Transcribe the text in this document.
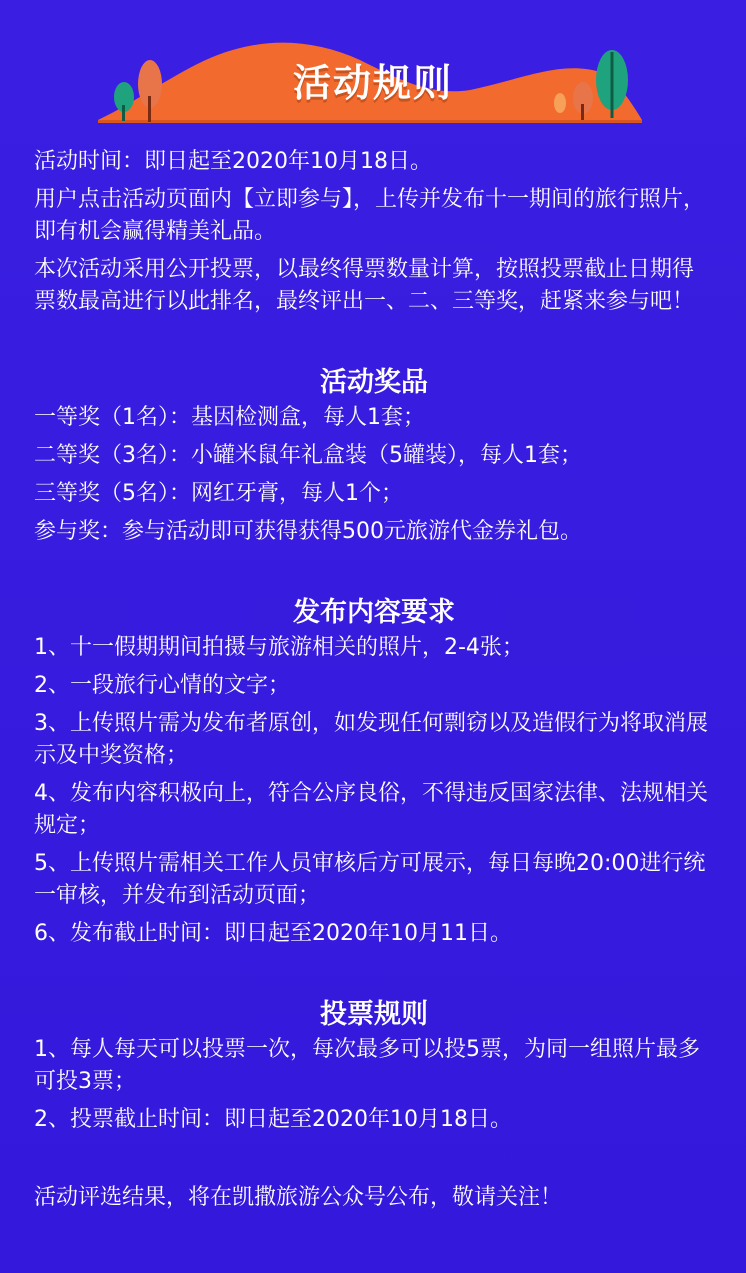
活动规则

活动时间：即日起至2020年10月18日。

用户点击活动页面内【立即参与】，上传并发布十一期间的旅行照片，即有机会赢得精美礼品。

本次活动采用公开投票，以最终得票数量计算，按照投票截止日期得票数最高进行以此排名，最终评出一、二、三等奖，赶紧来参与吧！

活动奖品

一等奖（1名）：基因检测盒，每人1套；

二等奖（3名）：小罐米鼠年礼盒装（5罐装），每人1套；

三等奖（5名）：网红牙膏，每人1个；

参与奖：参与活动即可获得获得500元旅游代金券礼包。

发布内容要求

1、十一假期期间拍摄与旅游相关的照片，2-4张；

2、一段旅行心情的文字；

3、上传照片需为发布者原创，如发现任何剽窃以及造假行为将取消展示及中奖资格；

4、发布内容积极向上，符合公序良俗，不得违反国家法律、法规相关规定；

5、上传照片需相关工作人员审核后方可展示，每日每晚20:00进行统一审核，并发布到活动页面；

6、发布截止时间：即日起至2020年10月11日。

投票规则

1、每人每天可以投票一次，每次最多可以投5票，为同一组照片最多可投3票；

2、投票截止时间：即日起至2020年10月18日。

活动评选结果，将在凯撒旅游公众号公布，敬请关注！
